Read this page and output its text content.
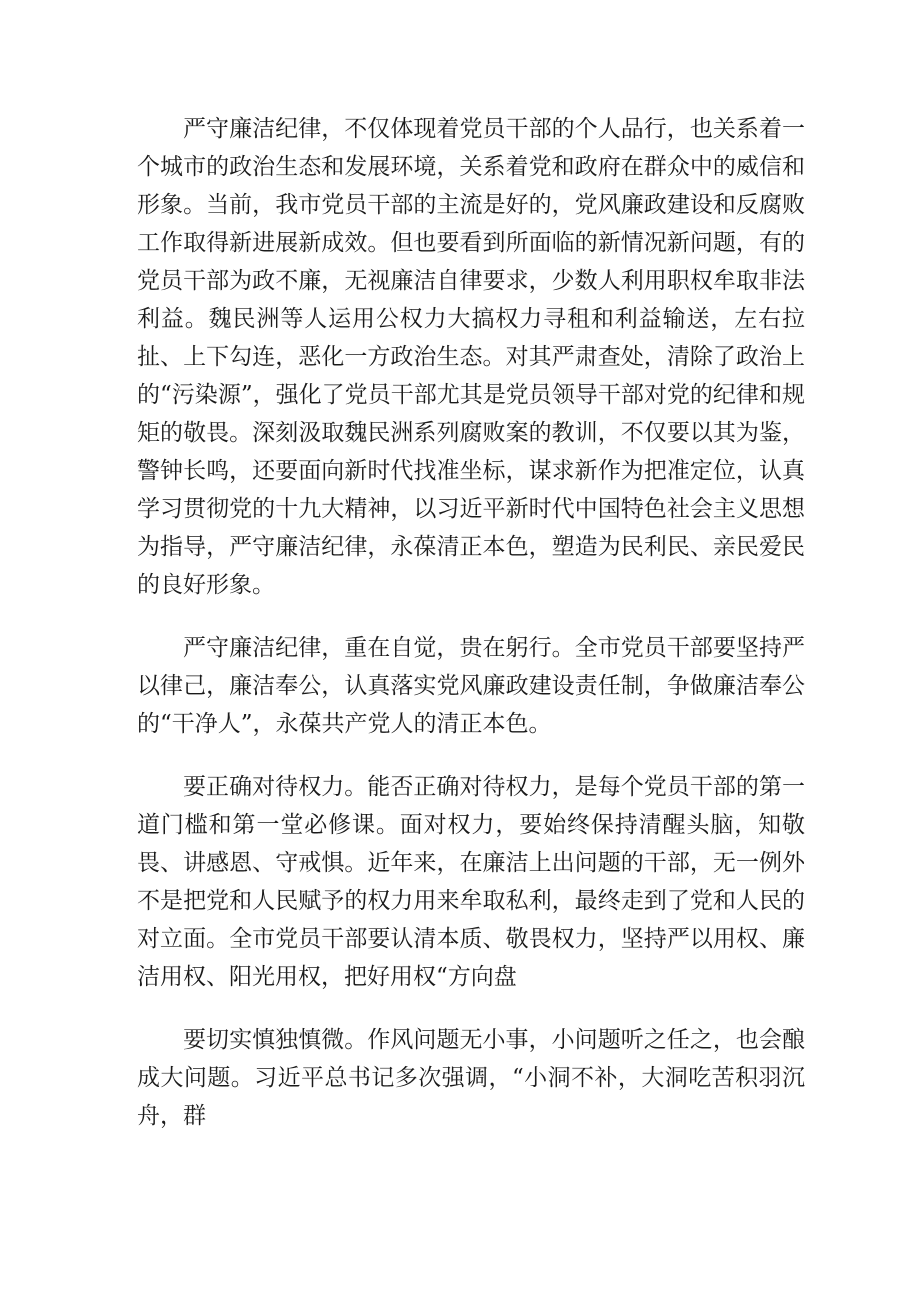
严守廉洁纪律，不仅体现着党员干部的个人品行，也关系着一个城市的政治生态和发展环境，关系着党和政府在群众中的威信和形象。当前，我市党员干部的主流是好的，党风廉政建设和反腐败工作取得新进展新成效。但也要看到所面临的新情况新问题，有的党员干部为政不廉，无视廉洁自律要求，少数人利用职权牟取非法利益。魏民洲等人运用公权力大搞权力寻租和利益输送，左右拉扯、上下勾连，恶化一方政治生态。对其严肃查处，清除了政治上的“污染源”，强化了党员干部尤其是党员领导干部对党的纪律和规矩的敬畏。深刻汲取魏民洲系列腐败案的教训，不仅要以其为鉴，警钟长鸣，还要面向新时代找准坐标，谋求新作为把准定位，认真学习贯彻党的十九大精神，以习近平新时代中国特色社会主义思想为指导，严守廉洁纪律，永葆清正本色，塑造为民利民、亲民爱民的良好形象。

严守廉洁纪律，重在自觉，贵在躬行。全市党员干部要坚持严以律己，廉洁奉公，认真落实党风廉政建设责任制，争做廉洁奉公的“干净人”，永葆共产党人的清正本色。

要正确对待权力。能否正确对待权力，是每个党员干部的第一道门槛和第一堂必修课。面对权力，要始终保持清醒头脑，知敬畏、讲感恩、守戒惧。近年来，在廉洁上出问题的干部，无一例外不是把党和人民赋予的权力用来牟取私利，最终走到了党和人民的对立面。全市党员干部要认清本质、敬畏权力，坚持严以用权、廉洁用权、阳光用权，把好用权“方向盘

要切实慎独慎微。作风问题无小事，小问题听之任之，也会酿成大问题。习近平总书记多次强调，“小洞不补，大洞吃苦积羽沉舟，群
